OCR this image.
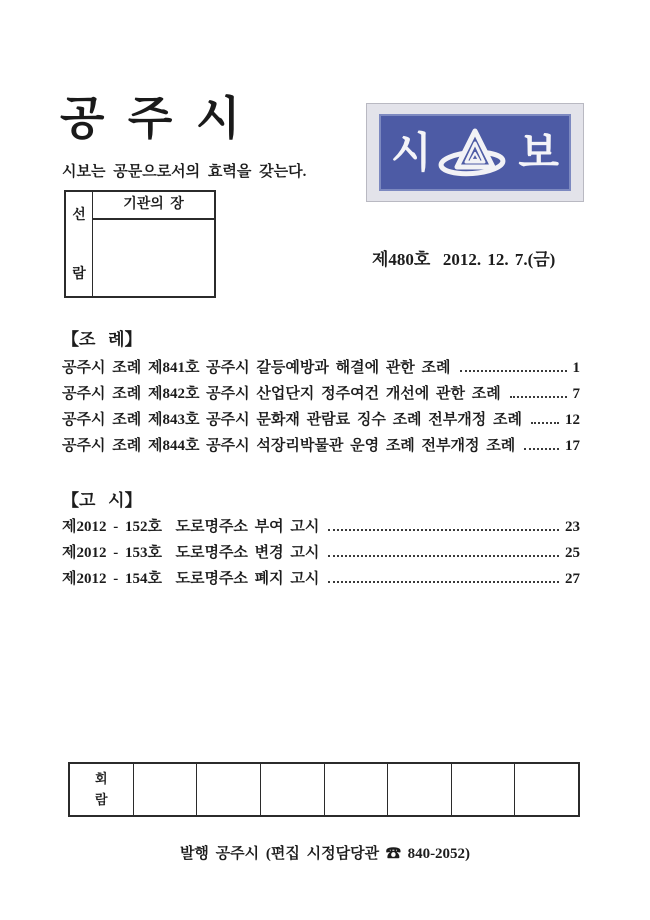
공 주 시
시보는 공문으로서의 효력을 갖는다.
선
람
기관의 장
시 보
제480호  2012. 12. 7.(금)
【조   례】
공주시 조례 제841호 공주시 갈등예방과 해결에 관한 조례	1
공주시 조례 제842호 공주시 산업단지 정주여건 개선에 관한 조례	7
공주시 조례 제843호 공주시 문화재 관람료 징수 조례 전부개정 조례	12
공주시 조례 제844호 공주시 석장리박물관 운영 조례 전부개정 조례	17
【고   시】
제2012 - 152호  도로명주소 부여 고시	23
제2012 - 153호  도로명주소 변경 고시	25
제2012 - 154호  도로명주소 폐지 고시	27
회
람
발행 공주시 (편집 시정담당관 ☎ 840-2052)
